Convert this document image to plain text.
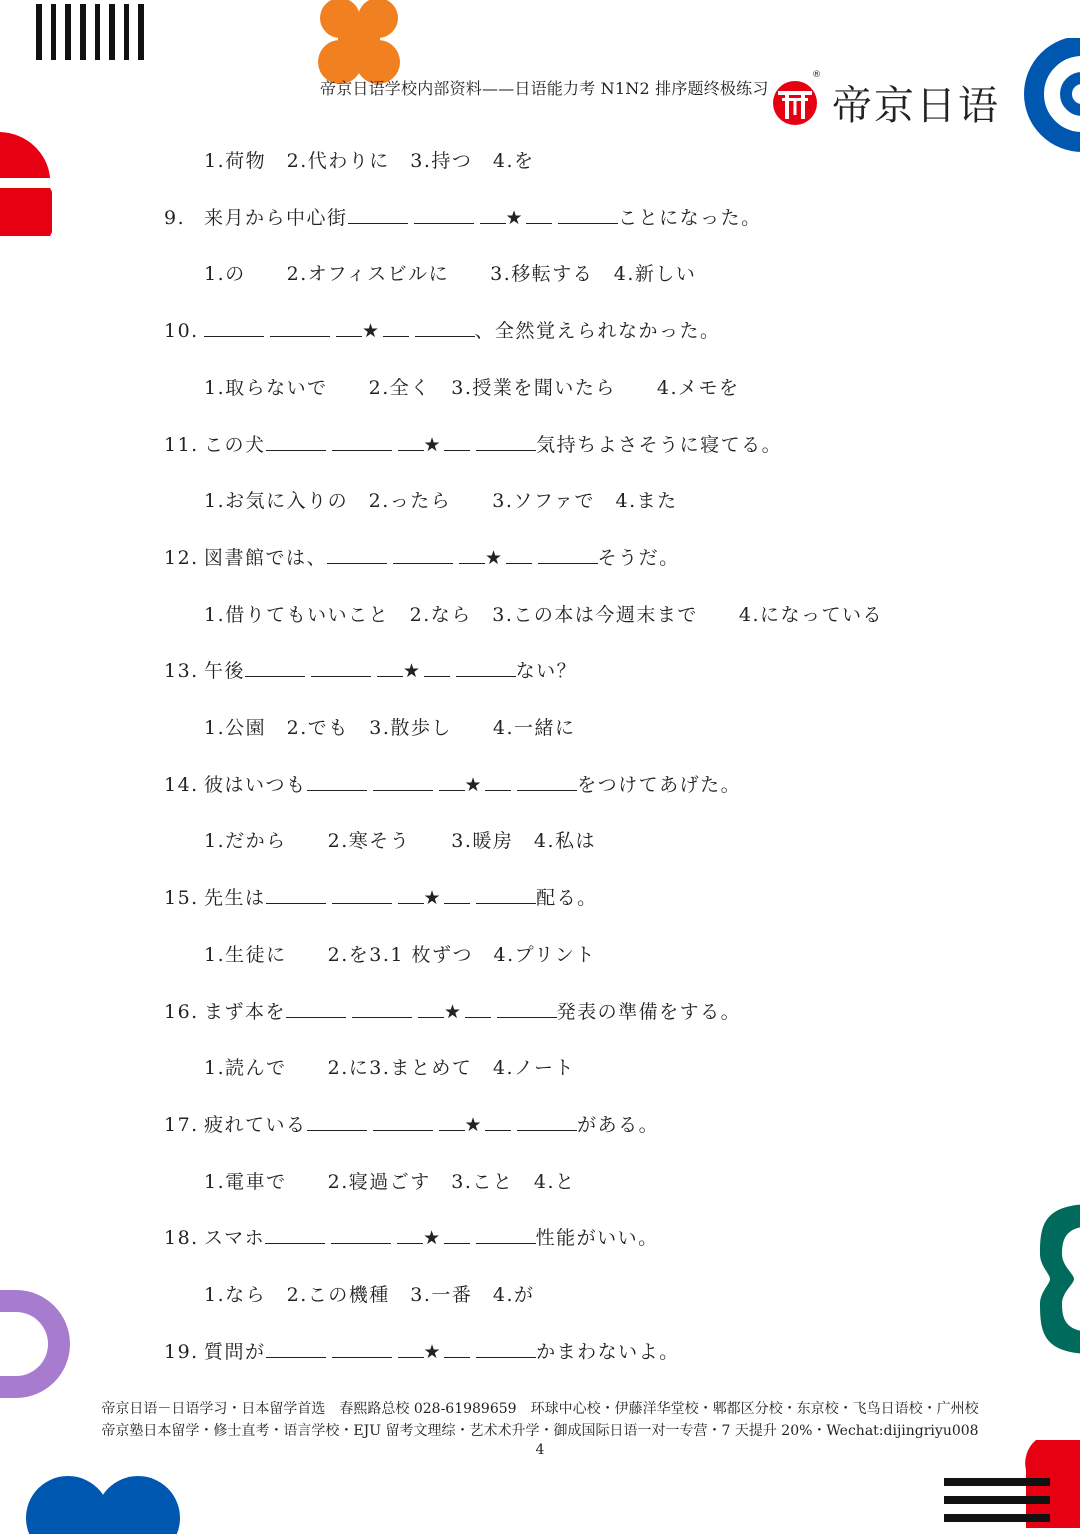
帝京日语学校内部资料——日语能力考 N1N2 排序题终极练习
®
帝京日语
1.荷物　2.代わりに　3.持つ　4.を
9. 来月から中心街	★	ことになった。
1.の　　2.オフィスビルに　　3.移転する　4.新しい
10.	★	、全然覚えられなかった。
1.取らないで　　2.全く　3.授業を聞いたら　　4.メモを
11. この犬	★	気持ちよさそうに寝てる。
1.お気に入りの　2.ったら　　3.ソファで　4.また
12. 図書館では、	★	そうだ。
1.借りてもいいこと　2.なら　3.この本は今週末まで　　4.になっている
13. 午後	★	ない？
1.公園　2.でも　3.散歩し　　4.一緒に
14. 彼はいつも	★	をつけてあげた。
1.だから　　2.寒そう　　3.暖房　4.私は
15. 先生は	★	配る。
1.生徒に　　2.を3.1 枚ずつ　4.プリント
16. まず本を	★	発表の準備をする。
1.読んで　　2.に3.まとめて　4.ノート
17. 疲れている	★	がある。
1.電車で　　2.寝過ごす　3.こと　4.と
18. スマホ	★	性能がいい。
1.なら　2.この機種　3.一番　4.が
19. 質問が	★	かまわないよ。
帝京日语－日语学习・日本留学首选　春熙路总校 028-61989659　环球中心校・伊藤洋华堂校・郫都区分校・东京校・飞鸟日语校・广州校
帝京塾日本留学・修士直考・语言学校・EJU 留考文理综・艺术术升学・御成国际日语一对一专营・7 天提升 20%・Wechat:dijingriyu008
4
